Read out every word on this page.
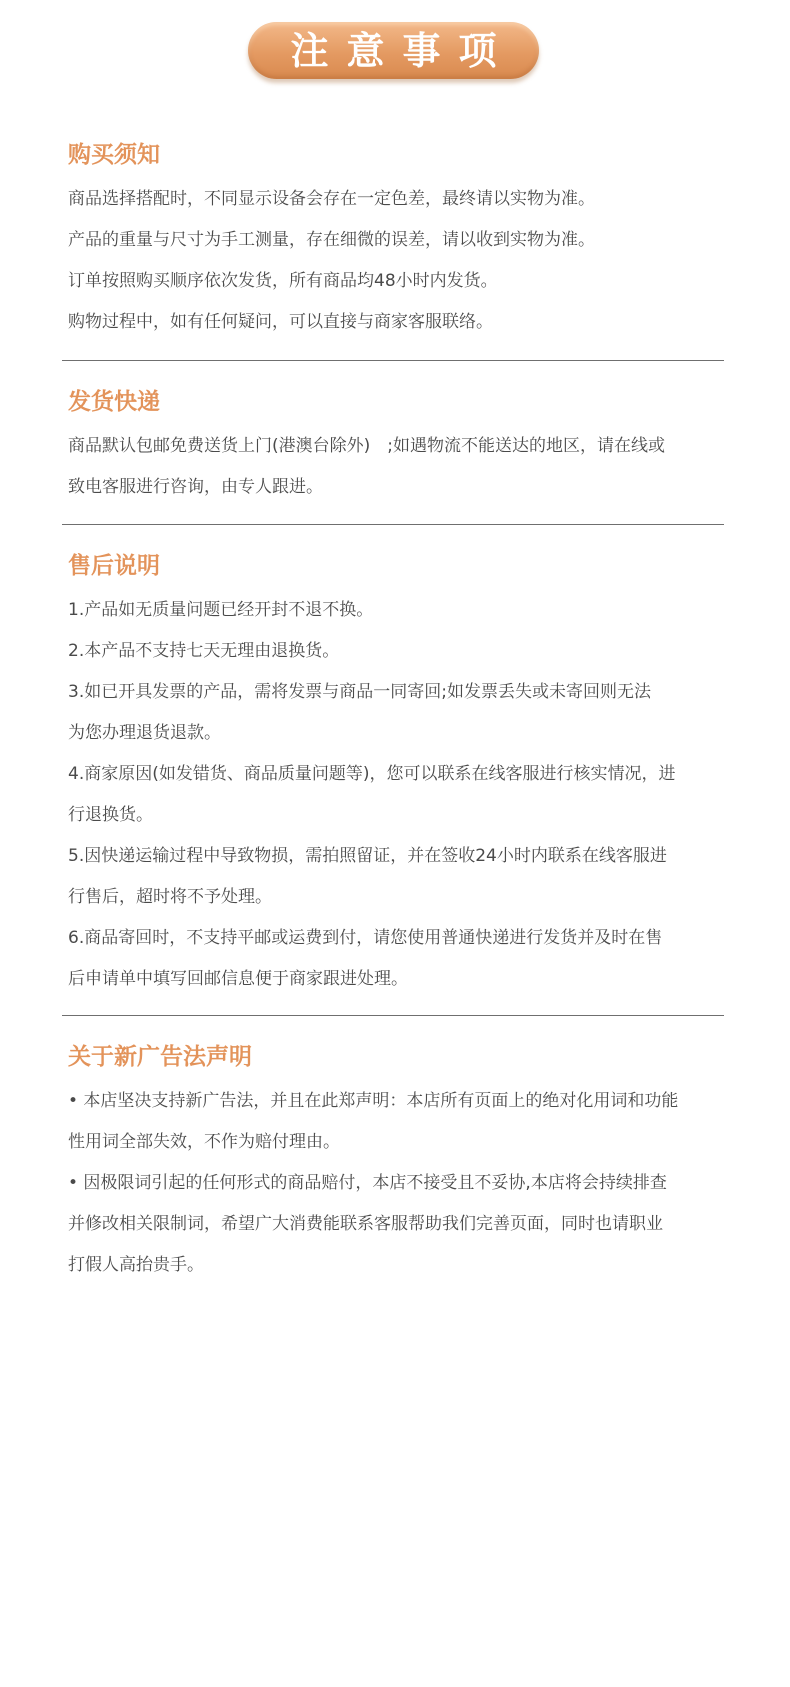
注意事项
购买须知

商品选择搭配时，不同显示设备会存在一定色差，最终请以实物为准。

产品的重量与尺寸为手工测量，存在细微的误差，请以收到实物为准。

订单按照购买顺序依次发货，所有商品均48小时内发货。

购物过程中，如有任何疑问，可以直接与商家客服联络。

发货快递

商品默认包邮免费送货上门(港澳台除外)　;如遇物流不能送达的地区，请在线或

致电客服进行咨询，由专人跟进。

售后说明

1.产品如无质量问题已经开封不退不换。

2.本产品不支持七天无理由退换货。

3.如已开具发票的产品，需将发票与商品一同寄回;如发票丢失或未寄回则无法

为您办理退货退款。

4.商家原因(如发错货、商品质量问题等)，您可以联系在线客服进行核实情况，进

行退换货。

5.因快递运输过程中导致物损，需拍照留证，并在签收24小时内联系在线客服进

行售后，超时将不予处理。

6.商品寄回时，不支持平邮或运费到付，请您使用普通快递进行发货并及时在售

后申请单中填写回邮信息便于商家跟进处理。

关于新广告法声明

• 本店坚决支持新广告法，并且在此郑声明：本店所有页面上的绝对化用词和功能

性用词全部失效，不作为赔付理由。

• 因极限词引起的任何形式的商品赔付，本店不接受且不妥协,本店将会持续排查

并修改相关限制词，希望广大消费能联系客服帮助我们完善页面，同时也请职业

打假人高抬贵手。
